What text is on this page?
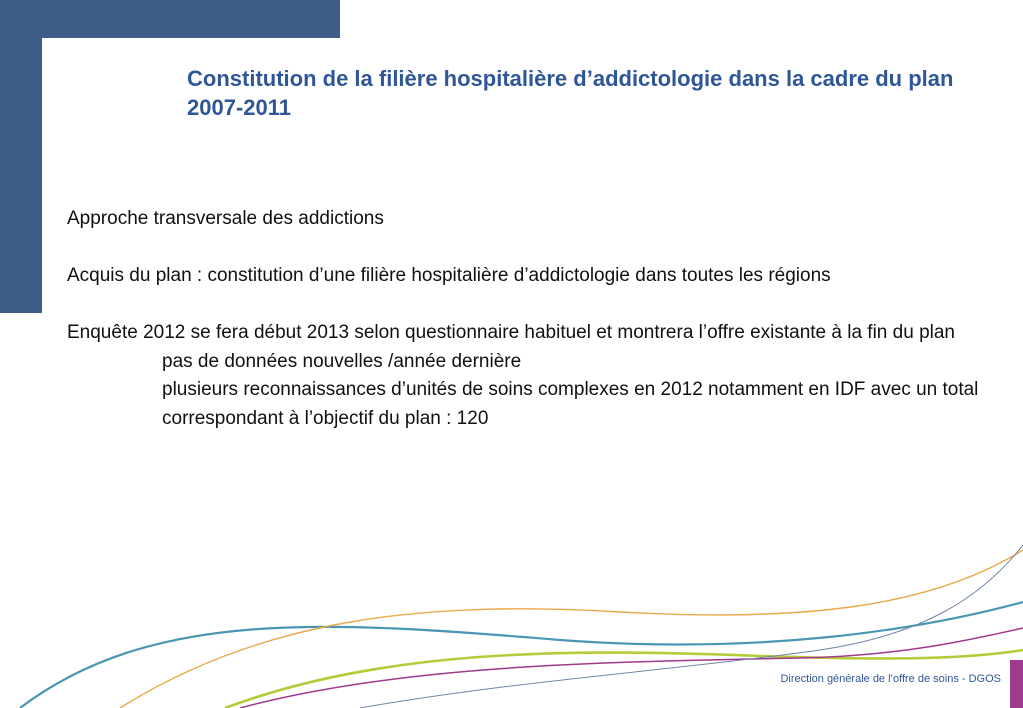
Constitution de la filière hospitalière d’addictologie dans la cadre du plan 2007-2011

Approche transversale des addictions

Acquis du plan : constitution d’une filière hospitalière d’addictologie dans toutes les régions

Enquête 2012 se fera début 2013 selon questionnaire habituel et montrera l’offre existante à la fin du plan

pas de données nouvelles /année dernière

plusieurs reconnaissances d’unités de soins complexes en 2012 notamment en IDF avec un total correspondant à l’objectif du plan : 120

Direction générale de l’offre de soins - DGOS
